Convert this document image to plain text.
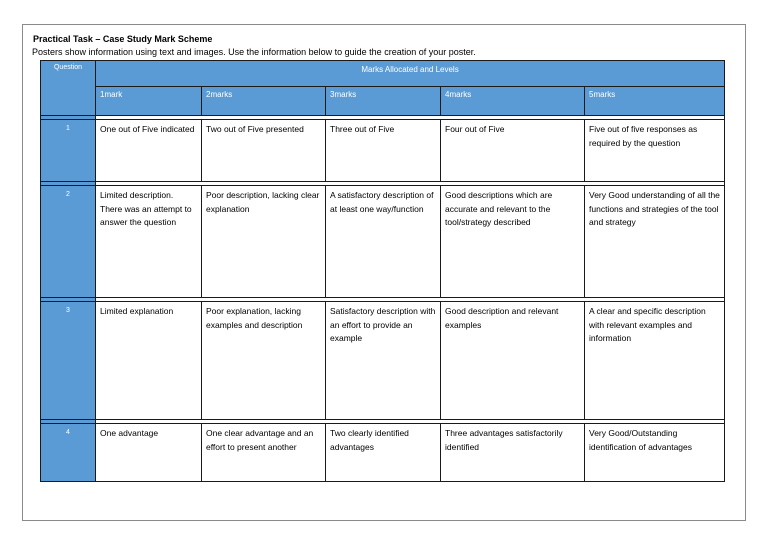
Practical Task – Case Study Mark Scheme
Posters show information using text and images. Use the information below to guide the creation of your poster.
Question	Marks Allocated and Levels				
	1mark	2marks	3marks	4marks	5marks

1	One out of Five indicated	Two out of Five presented	Three out of Five	Four out of Five	Five out of five responses as required by the question

2	Limited description. There was an attempt to answer the question	Poor description, lacking clear explanation	A satisfactory description of at least one way/function	Good descriptions which are accurate and relevant to the tool/strategy described	Very Good understanding of all the functions and strategies of the tool and strategy

3	Limited explanation	Poor explanation, lacking examples and description	Satisfactory description with an effort to provide an example	Good description and relevant examples	A clear and specific description with relevant examples and information

4	One advantage	One clear advantage and an effort to present another	Two clearly identified advantages	Three advantages satisfactorily identified	Very Good/Outstanding identification of advantages
